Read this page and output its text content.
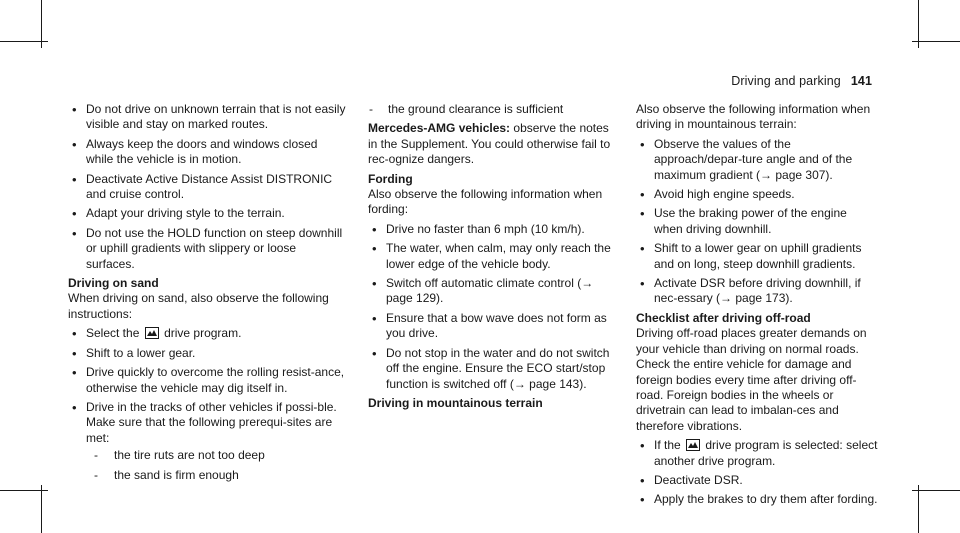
Driving and parking 141
• Do not drive on unknown terrain that is not easily visible and stay on marked routes.
• Always keep the doors and windows closed while the vehicle is in motion.
• Deactivate Active Distance Assist DISTRONIC and cruise control.
• Adapt your driving style to the terrain.
• Do not use the HOLD function on steep downhill or uphill gradients with slippery or loose surfaces.

Driving on sand

When driving on sand, also observe the following instructions:

• Select the drive program.
• Shift to a lower gear.
• Drive quickly to overcome the rolling resist-ance, otherwise the vehicle may dig itself in.
• Drive in the tracks of other vehicles if possi-ble. Make sure that the following prerequi-sites are met:
- the tire ruts are not too deep
- the sand is firm enough
- the ground clearance is sufficient

Mercedes-AMG vehicles: observe the notes in the Supplement. You could otherwise fail to rec-ognize dangers.

Fording

Also observe the following information when fording:

• Drive no faster than 6 mph (10 km/h).
• The water, when calm, may only reach the lower edge of the vehicle body.
• Switch off automatic climate control (→ page 129).
• Ensure that a bow wave does not form as you drive.
• Do not stop in the water and do not switch off the engine. Ensure the ECO start/stop function is switched off (→ page 143).

Driving in mountainous terrain

Also observe the following information when driving in mountainous terrain:

• Observe the values of the approach/depar-ture angle and of the maximum gradient (→ page 307).
• Avoid high engine speeds.
• Use the braking power of the engine when driving downhill.
• Shift to a lower gear on uphill gradients and on long, steep downhill gradients.
• Activate DSR before driving downhill, if nec-essary (→ page 173).

Checklist after driving off-road

Driving off-road places greater demands on your vehicle than driving on normal roads. Check the entire vehicle for damage and foreign bodies every time after driving off-road. Foreign bodies in the wheels or drivetrain can lead to imbalan-ces and therefore vibrations.

• If the drive program is selected: select another drive program.
• Deactivate DSR.
• Apply the brakes to dry them after fording.
